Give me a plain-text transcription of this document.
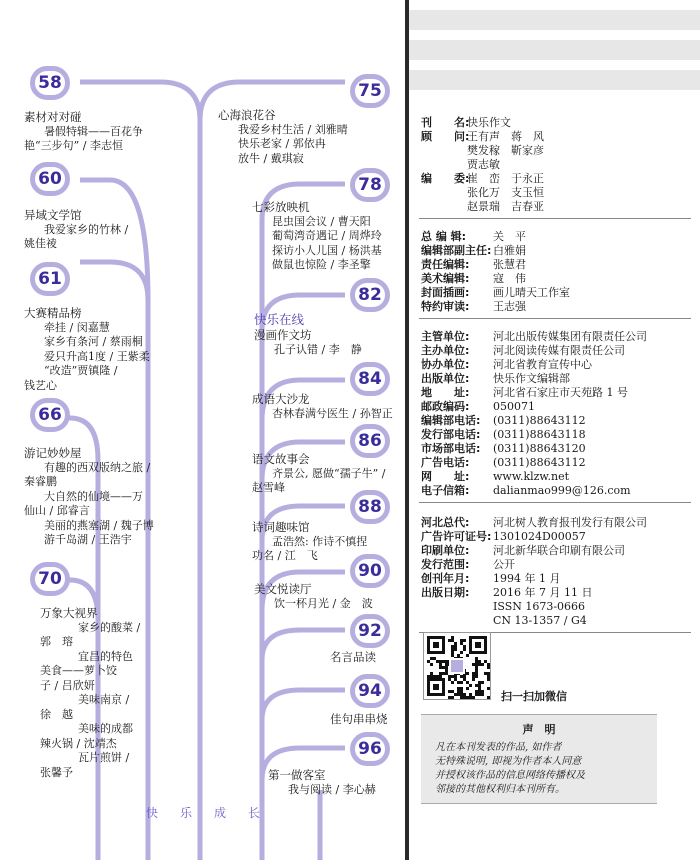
58
素材对对碰
暑假特辑——百花争
艳“三步句” / 李志恒
60
异域文学馆
我爱家乡的竹林 /
姚佳祾
61
大赛精品榜
牵挂 / 闵嘉慧
家乡有条河 / 蔡雨桐
爱只升高1度 / 王紫柔
“改造”贾镇隆 /
钱艺心
66
游记妙妙屋
有趣的西双版纳之旅 /
秦睿鹏
大自然的仙境——万
仙山 / 邱睿言
美丽的燕塞湖 / 魏子博
游千岛湖 / 王浩宇
70
万象大视界
家乡的酸菜 /
郭　瑢
宜昌的特色
美食——萝卜饺
子 / 吕欣妍
美味南京 /
徐　越
美味的成都
辣火锅 / 沈靖杰
瓦片煎饼 /
张馨予
75
心海浪花谷
我爱乡村生活 / 刘雅晴
快乐老家 / 郭依冉
放牛 / 戴琪寂
78
七彩放映机
昆虫国会议 / 曹天阳
葡萄湾奇遇记 / 周烨玲
探访小人儿国 / 杨洪基
做鼠也惊险 / 李圣擎
82
快乐在线
漫画作文坊
孔子认错 / 李　静
84
成语大沙龙
杏林春满兮医生 / 孙智正
86
语文故事会
齐景公, 愿做“孺子牛” /
赵雪峰
88
诗词趣味馆
孟浩然: 作诗不慎捏
功名 / 江　飞
90
美文悦读厅
饮一杯月光 / 金　波
92
名言品读
94
佳句串串烧
96
第一做客室
我与阅读 / 李心赫
快 乐 成 长
刊　　名:快乐作文
顾　　问:王有声　蒋　风
樊发稼　靳家彦
贾志敏
编　　委:崔　峦　于永正
张化万　支玉恒
赵景瑞　吉春亚
总 编 辑: 关　平
编辑部副主任: 白雅娟
责任编辑: 张慧君
美术编辑: 寇　伟
封面插画: 画儿晴天工作室
特约审读: 王志强
主管单位: 河北出版传媒集团有限责任公司
主办单位: 河北阅读传媒有限责任公司
协办单位: 河北省教育宣传中心
出版单位: 快乐作文编辑部
地　　址: 河北省石家庄市天苑路 1 号
邮政编码: 050071
编辑部电话: (0311)88643112
发行部电话: (0311)88643118
市场部电话: (0311)88643120
广告电话: (0311)88643112
网　　址: www.klzw.net
电子信箱: dalianmao999@126.com
河北总代: 河北树人教育报刊发行有限公司
广告许可证号: 1301024D00057
印刷单位: 河北新华联合印刷有限公司
发行范围: 公开
创刊年月: 1994 年 1 月
出版日期: 2016 年 7 月 11 日
ISSN 1673-0666
CN 13-1357 / G4
扫一扫加微信
声　明
凡在本刊发表的作品, 如作者
无特殊说明, 即视为作者本人同意
并授权该作品的信息网络传播权及
邻接的其他权利归本刊所有。
